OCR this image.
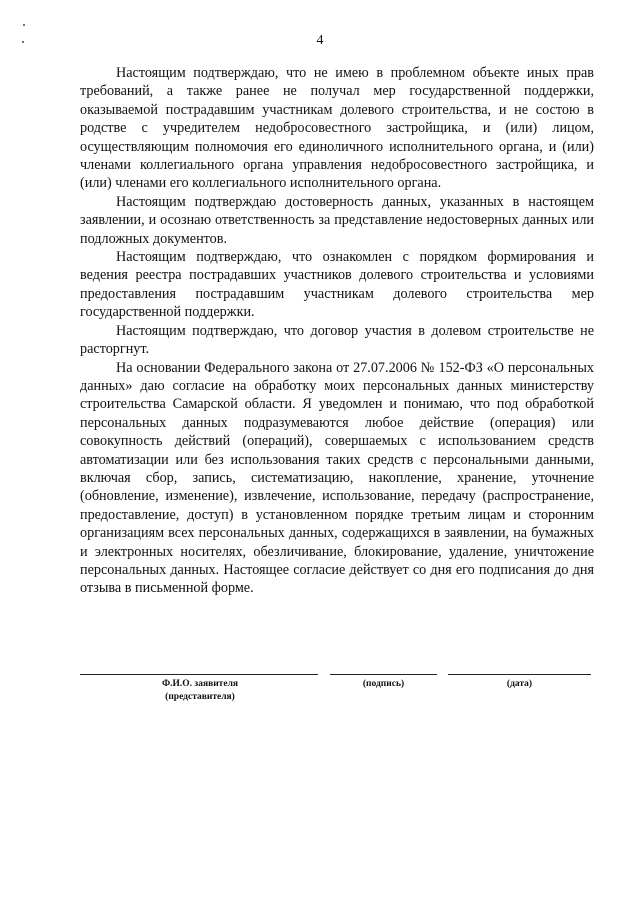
4

Настоящим подтверждаю, что не имею в проблемном объекте иных прав требований, а также ранее не получал мер государственной поддержки, оказываемой пострадавшим участникам долевого строительства, и не состою в родстве с учредителем недобросовестного застройщика, и (или) лицом, осуществляющим полномочия его единоличного исполнительного органа, и (или) членами коллегиального органа управления недобросовестного застройщика, и (или) членами его коллегиального исполнительного органа.

Настоящим подтверждаю достоверность данных, указанных в настоящем заявлении, и осознаю ответственность за представление недостоверных данных или подложных документов.

Настоящим подтверждаю, что ознакомлен с порядком формирования и ведения реестра пострадавших участников долевого строительства и условиями предоставления пострадавшим участникам долевого строительства мер государственной поддержки.

Настоящим подтверждаю, что договор участия в долевом строительстве не расторгнут.

На основании Федерального закона от 27.07.2006 № 152-ФЗ «О персональных данных» даю согласие на обработку моих персональных данных министерству строительства Самарской области. Я уведомлен и понимаю, что под обработкой персональных данных подразумеваются любое действие (операция) или совокупность действий (операций), совершаемых с использованием средств автоматизации или без использования таких средств с персональными данными, включая сбор, запись, систематизацию, накопление, хранение, уточнение (обновление, изменение), извлечение, использование, передачу (распространение, предоставление, доступ) в установленном порядке третьим лицам и сторонним организациям всех персональных данных, содержащихся в заявлении, на бумажных и электронных носителях, обезличивание, блокирование, удаление, уничтожение персональных данных. Настоящее согласие действует со дня его подписания до дня отзыва в письменной форме.

Ф.И.О. заявителя
(представителя)
(подпись)	(дата)
